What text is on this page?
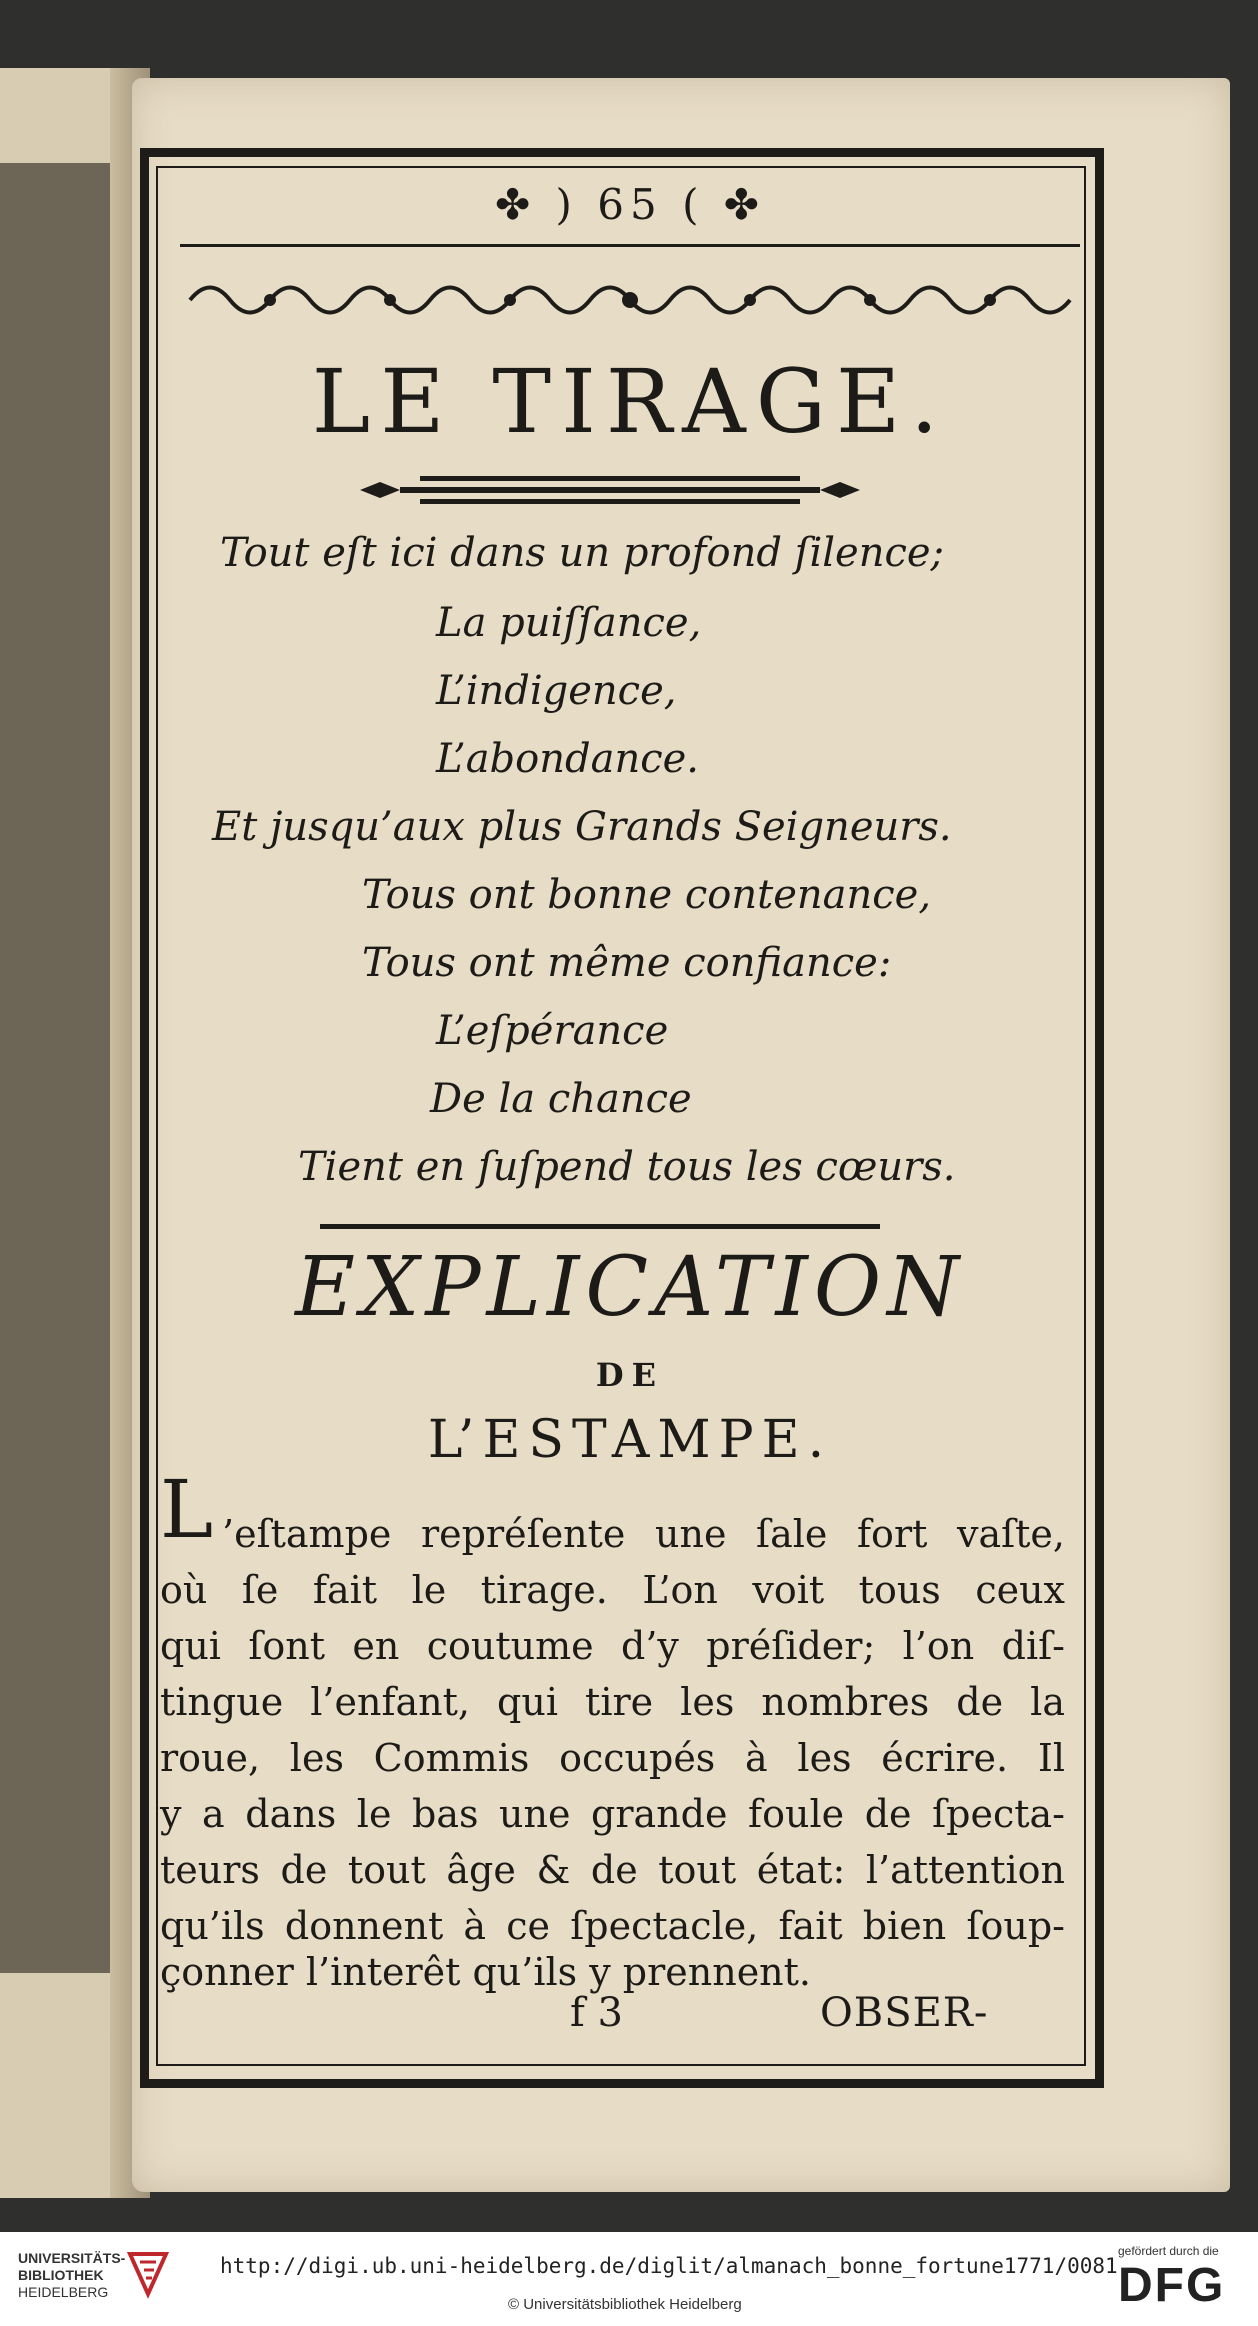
✤ ) 65 ( ✤
LE TIRAGE.
Tout eſt ici dans un profond ſilence;
La puiſſance,
L’indigence,
L’abondance.
Et jusqu’aux plus Grands Seigneurs.
Tous ont bonne contenance,
Tous ont même confiance:
L’eſpérance
De la chance
Tient en ſuſpend tous les cœurs.
EXPLICATION
DE
L’ESTAMPE.
L ’eſtampe repréſente une ſale fort vaſte,
où ſe fait le tirage. L’on voit tous ceux
qui ſont en coutume d’y préſider; l’on diſ-
tingue l’enfant, qui tire les nombres de la
roue, les Commis occupés à les écrire. Il
y a dans le bas une grande foule de ſpecta-
teurs de tout âge & de tout état: l’attention
qu’ils donnent à ce ſpectacle, fait bien ſoup-
çonner l’interêt qu’ils y prennent.
f 3	OBSER-
UNIVERSITÄTS-
BIBLIOTHEK
HEIDELBERG
http://digi.ub.uni-heidelberg.de/diglit/almanach_bonne_fortune1771/0081
© Universitätsbibliothek Heidelberg
gefördert durch die
DFG
